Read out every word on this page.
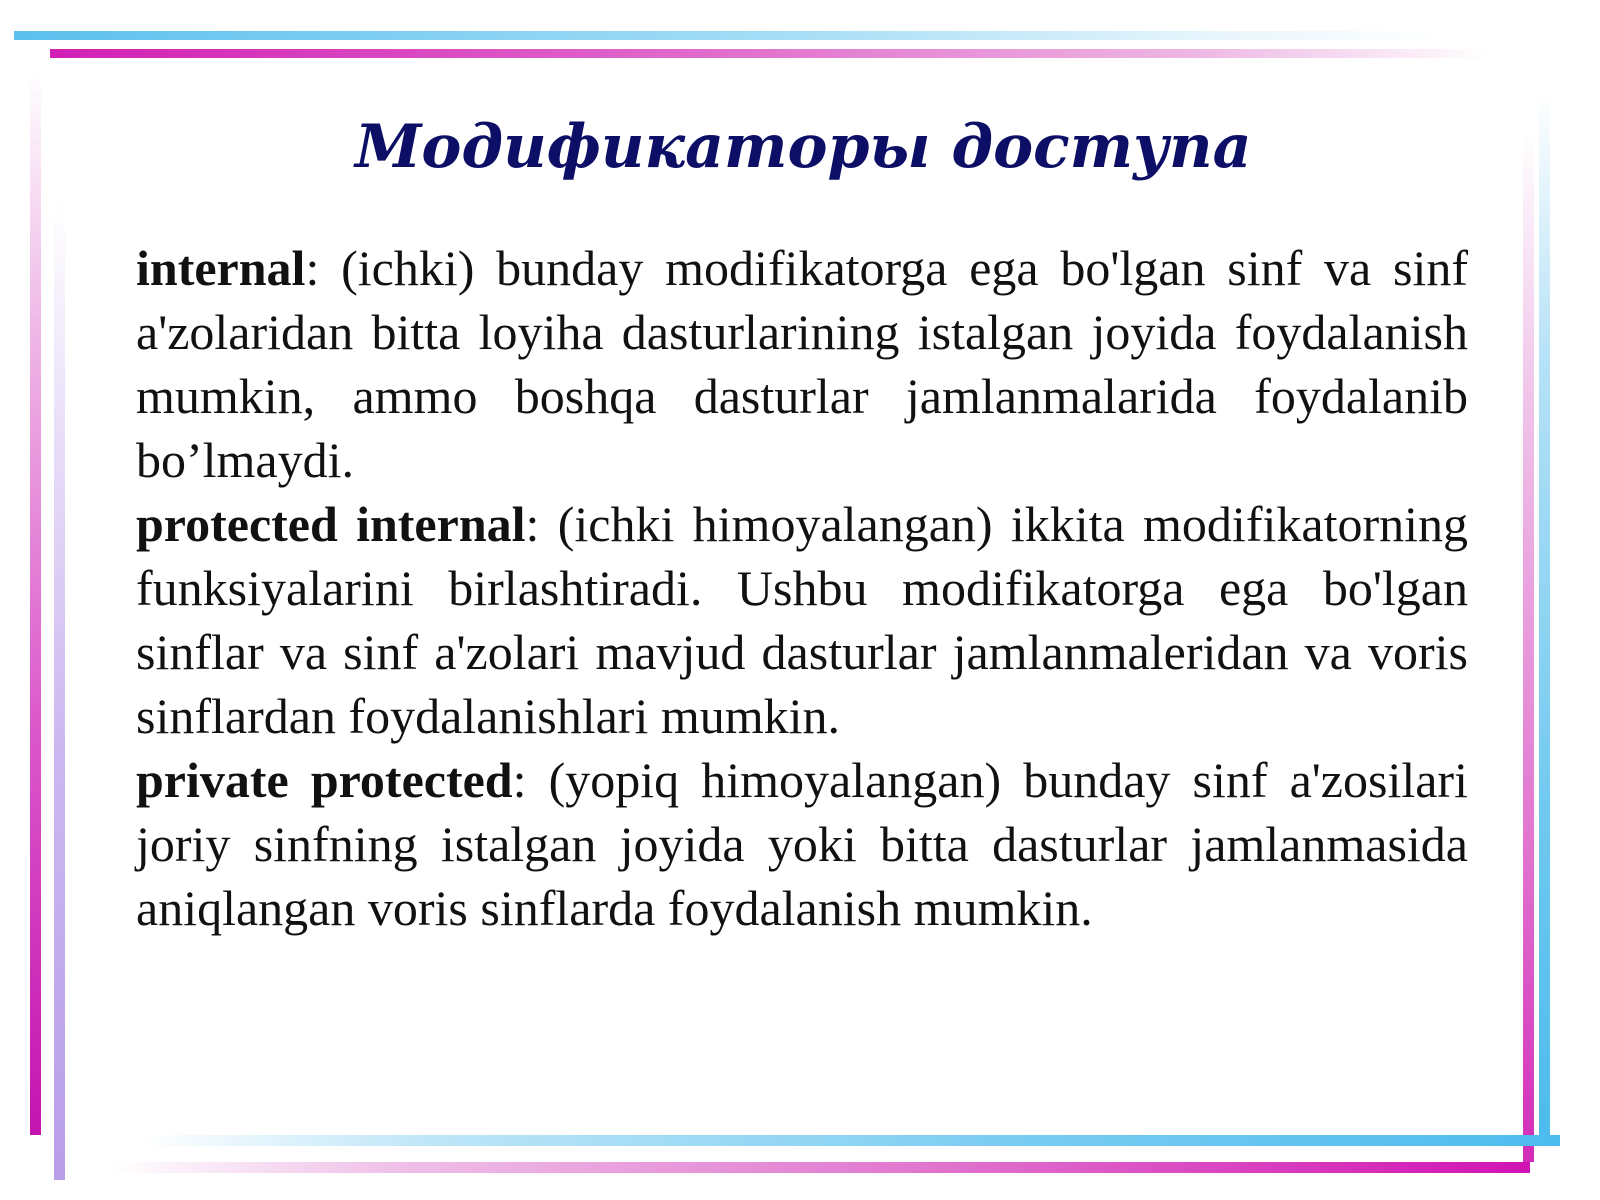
Модификаторы доступа

internal: (ichki) bunday modifikatorga ega bo'lgan sinf va sinf a'zolaridan bitta loyiha dasturlarining istalgan joyida foydalanish mumkin, ammo boshqa dasturlar jamlanmalarida foydalanib bo’lmaydi.

protected internal: (ichki himoyalangan) ikkita modifikatorning funksiyalarini birlashtiradi. Ushbu modifikatorga ega bo'lgan sinflar va sinf a'zolari mavjud dasturlar jamlanmaleridan va voris sinflardan foydalanishlari mumkin.

private protected: (yopiq himoyalangan) bunday sinf a'zosilari joriy sinfning istalgan joyida yoki bitta dasturlar jamlanmasida aniqlangan voris sinflarda foydalanish mumkin.
